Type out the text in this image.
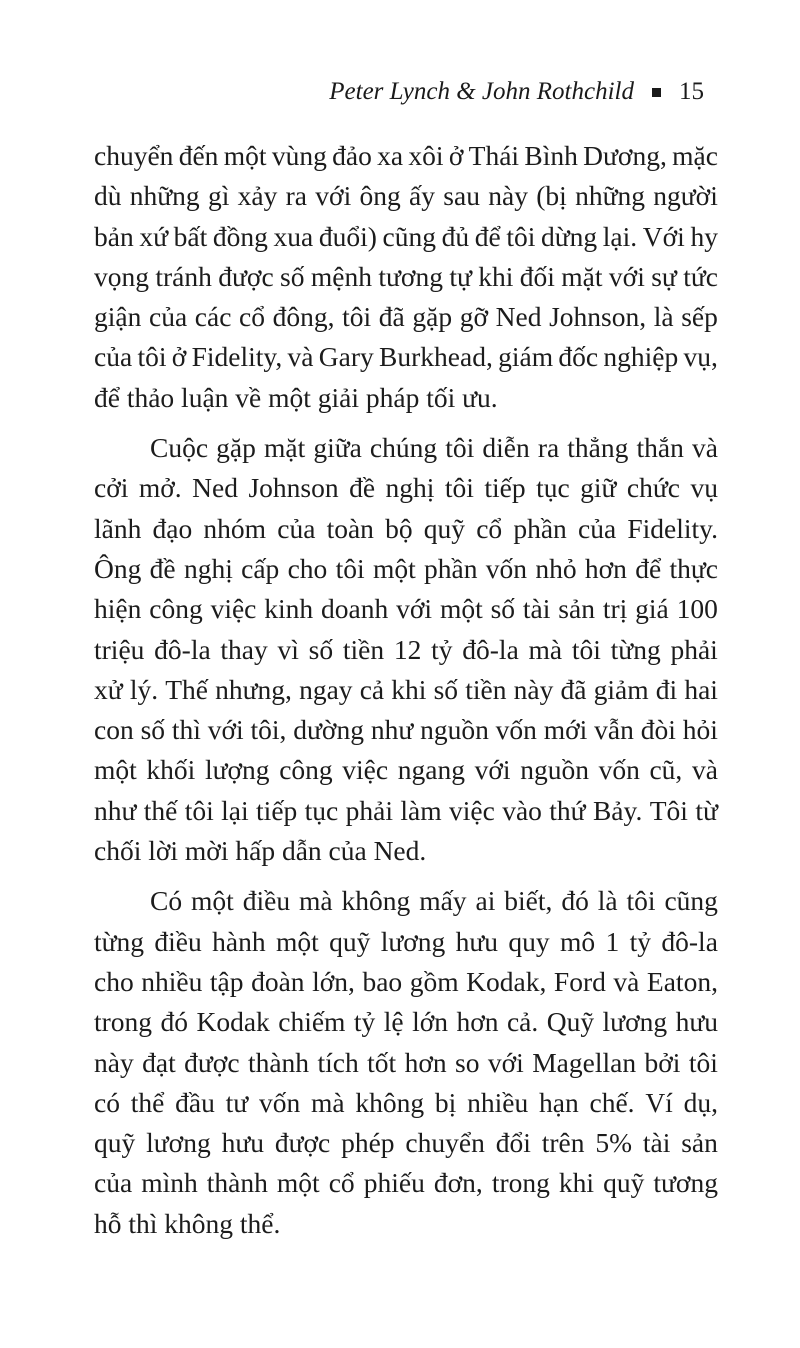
Peter Lynch & John Rothchild 15
chuyển đến một vùng đảo xa xôi ở Thái Bình Dương, mặc
dù những gì xảy ra với ông ấy sau này (bị những người
bản xứ bất đồng xua đuổi) cũng đủ để tôi dừng lại. Với hy
vọng tránh được số mệnh tương tự khi đối mặt với sự tức
giận của các cổ đông, tôi đã gặp gỡ Ned Johnson, là sếp
của tôi ở Fidelity, và Gary Burkhead, giám đốc nghiệp vụ,
để thảo luận về một giải pháp tối ưu.
Cuộc gặp mặt giữa chúng tôi diễn ra thẳng thắn và
cởi mở. Ned Johnson đề nghị tôi tiếp tục giữ chức vụ
lãnh đạo nhóm của toàn bộ quỹ cổ phần của Fidelity.
Ông đề nghị cấp cho tôi một phần vốn nhỏ hơn để thực
hiện công việc kinh doanh với một số tài sản trị giá 100
triệu đô-la thay vì số tiền 12 tỷ đô-la mà tôi từng phải
xử lý. Thế nhưng, ngay cả khi số tiền này đã giảm đi hai
con số thì với tôi, dường như nguồn vốn mới vẫn đòi hỏi
một khối lượng công việc ngang với nguồn vốn cũ, và
như thế tôi lại tiếp tục phải làm việc vào thứ Bảy. Tôi từ
chối lời mời hấp dẫn của Ned.
Có một điều mà không mấy ai biết, đó là tôi cũng
từng điều hành một quỹ lương hưu quy mô 1 tỷ đô-la
cho nhiều tập đoàn lớn, bao gồm Kodak, Ford và Eaton,
trong đó Kodak chiếm tỷ lệ lớn hơn cả. Quỹ lương hưu
này đạt được thành tích tốt hơn so với Magellan bởi tôi
có thể đầu tư vốn mà không bị nhiều hạn chế. Ví dụ,
quỹ lương hưu được phép chuyển đổi trên 5% tài sản
của mình thành một cổ phiếu đơn, trong khi quỹ tương
hỗ thì không thể.
